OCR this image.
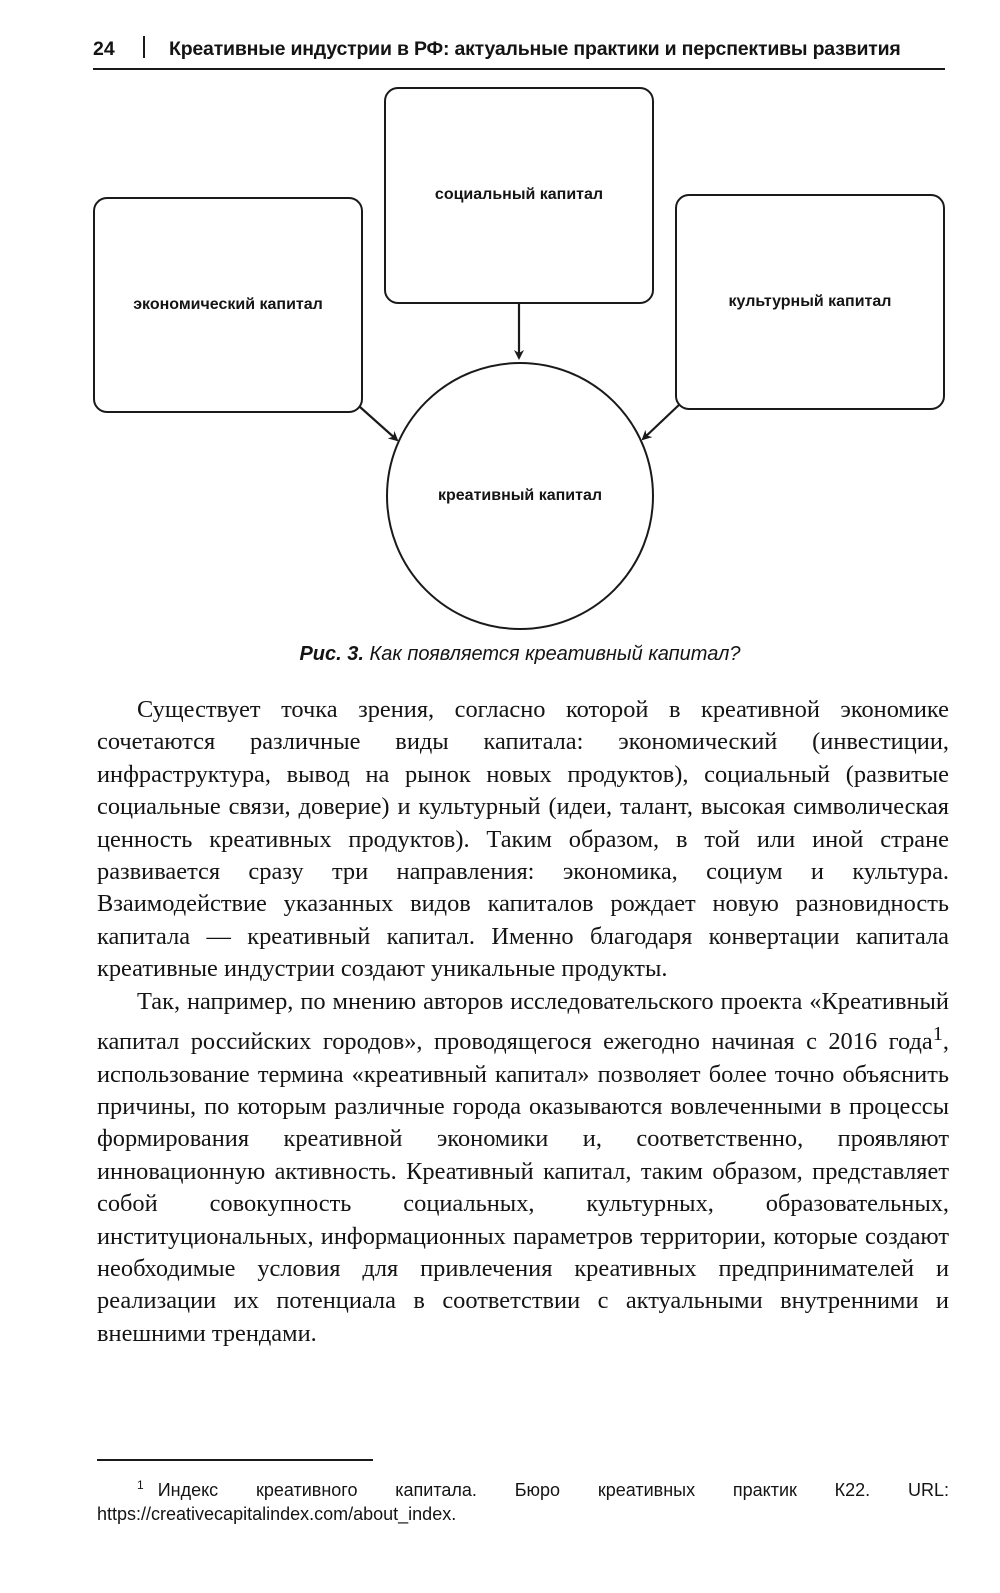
24	Креативные индустрии в РФ: актуальные практики и перспективы развития
социальный капитал
экономический капитал	культурный капитал
креативный капитал
Рис. 3. Как появляется креативный капитал?

Существует точка зрения, согласно которой в креативной экономике сочетаются различные виды капитала: экономический (инвестиции, инфраструктура, вывод на рынок новых продуктов), социальный (развитые социальные связи, доверие) и культурный (идеи, талант, высокая символическая ценность креативных продуктов). Таким образом, в той или иной стране развивается сразу три направления: экономика, социум и культура. Взаимодействие указанных видов капиталов рождает новую разновидность капитала — креативный капитал. Именно благодаря конвертации капитала креативные индустрии создают уникальные продукты.

Так, например, по мнению авторов исследовательского проекта «Креативный капитал российских городов», проводящегося ежегодно начиная с 2016 года$^1$, использование термина «креативный капитал» позволяет более точно объяснить причины, по которым различные города оказываются вовлеченными в процессы формирования креативной экономики и, соответственно, проявляют инновационную активность. Креативный капитал, таким образом, представляет собой совокупность социальных, культурных, образовательных, институциональных, информационных параметров территории, которые создают необходимые условия для привлечения креативных предпринимателей и реализации их потенциала в соответствии с актуальными внутренними и внешними трендами.

$^1$ Индекс креативного капитала. Бюро креативных практик К22. URL: https://creativecapitalindex.com/about_index.
